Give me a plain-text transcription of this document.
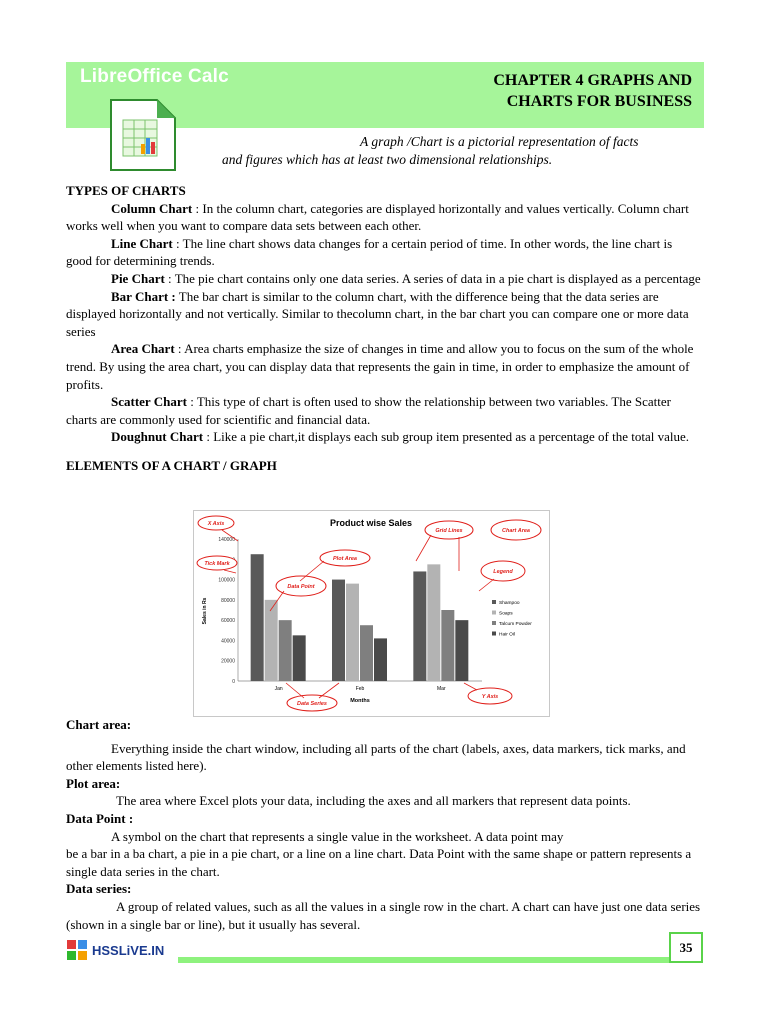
LibreOffice Calc	CHAPTER 4 GRAPHS AND
CHARTS FOR BUSINESS
A graph /Chart is a pictorial representation of facts
and figures which has at least two dimensional relationships.

TYPES OF CHARTS

Column Chart : In the column chart, categories are displayed horizontally and values vertically. Column chart works well when you want to compare data sets between each other.

Line Chart : The line chart shows data changes for a certain period of time. In other words, the line chart is good for determining trends.

Pie Chart : The pie chart contains only one data series. A series of data in a pie chart is displayed as a percentage

Bar Chart : The bar chart is similar to the column chart, with the difference being that the data series are displayed horizontally and not vertically. Similar to thecolumn chart, in the bar chart you can compare one or more data series

Area Chart : Area charts emphasize the size of changes in time and allow you to focus on the sum of the whole trend. By using the area chart, you can display data that represents the gain in time, in order to emphasize the amount of profits.

Scatter Chart : This type of chart is often used to show the relationship between two variables. The Scatter charts are commonly used for scientific and financial data.

Doughnut Chart : Like a pie chart,it displays each sub group item presented as a percentage of the total value.

ELEMENTS OF A CHART / GRAPH

Product wise Sales
0
20000
40000
60000
80000
100000
140000
Jan	Feb	Mar
Months
Sales in Rs	Shampoo
Soaps
Talcum Powder
Hair Oil
X Axis
Tick Mark
Data Point
Plot Area
Grid Lines	Chart Area
Legend
Data Series
Y Axis

Chart area:

Everything inside the chart window, including all parts of the chart (labels, axes, data markers, tick marks, and other elements listed here).

Plot area:

The area where Excel plots your data, including the axes and all markers that represent data points.

Data Point :

A symbol on the chart that represents a single value in the worksheet. A data point may

be a bar in a ba chart, a pie in a pie chart, or a line on a line chart. Data Point with the same shape or pattern represents a single data series in the chart.

Data series:

A group of related values, such as all the values in a single row in the chart. A chart can have just one data series (shown in a single bar or line), but it usually has several.

HSSLiVE.IN	35
